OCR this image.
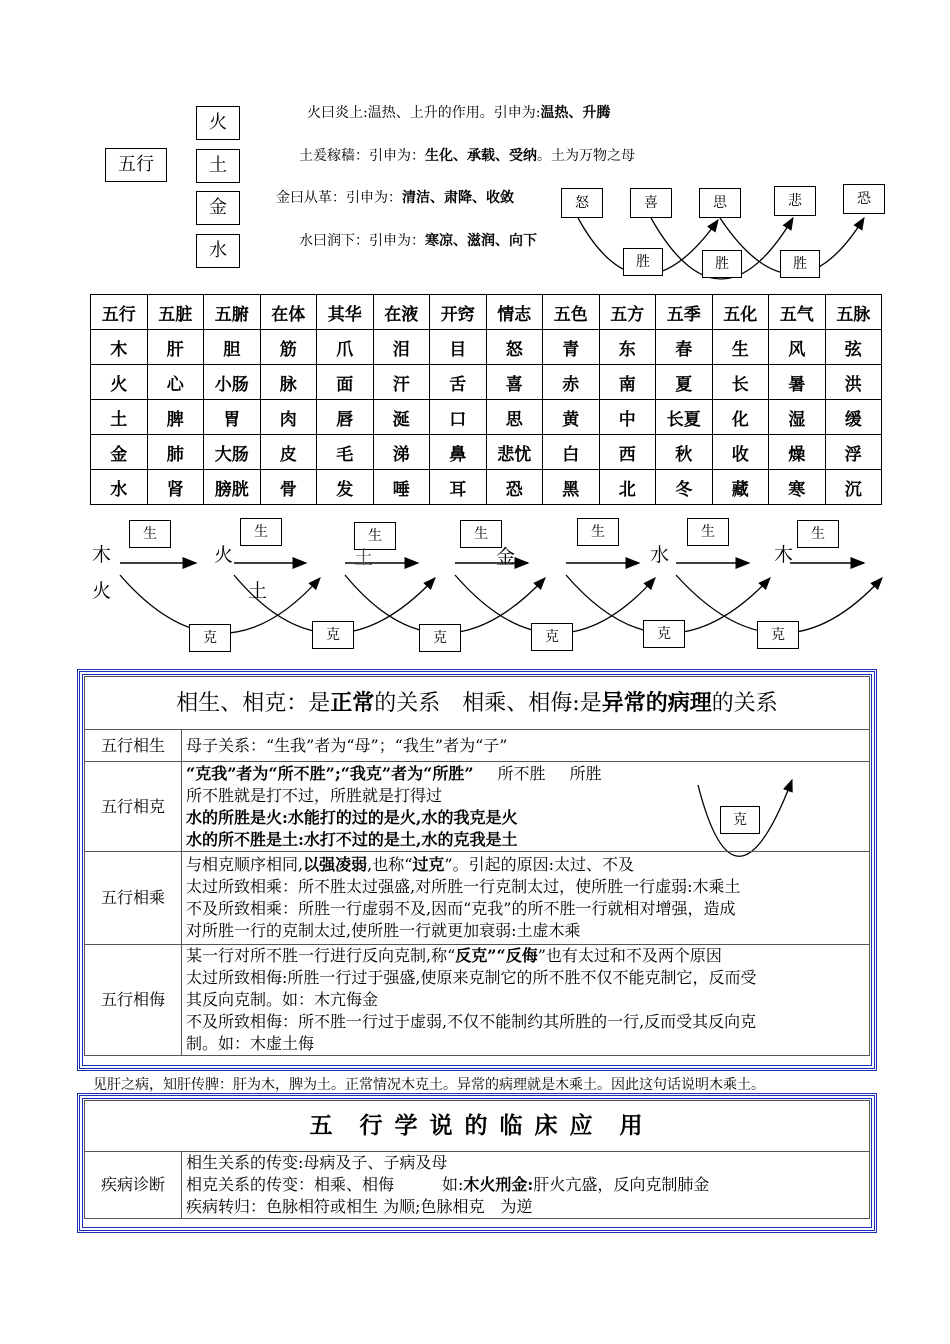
五行
火
土
金
水
火曰炎上:温热、上升的作用。引申为:温热、升腾
土爰稼穑：引申为：生化、承载、受纳。土为万物之母
金曰从革：引申为：清洁、肃降、收敛
水曰润下：引申为：寒凉、滋润、向下
怒	喜	思	悲	恐
胜	胜	胜
五行	五脏	五腑	在体	其华	在液	开窍	情志	五色	五方	五季	五化	五气	五脉
木	肝	胆	筋	爪	泪	目	怒	青	东	春	生	风	弦
火	心	小肠	脉	面	汗	舌	喜	赤	南	夏	长	暑	洪
土	脾	胃	肉	唇	涎	口	思	黄	中	长夏	化	湿	缓
金	肺	大肠	皮	毛	涕	鼻	悲忧	白	西	秋	收	燥	浮
水	肾	膀胱	骨	发	唾	耳	恐	黑	北	冬	藏	寒	沉
生	生	生	生	生	生	生
木	火	土	金	水	木
火	土
克	克	克	克	克	克
相生、相克：是正常的关系  相乘、相侮:是异常的病理的关系	
五行相生	母子关系：“生我”者为“母”；“我生”者为“子”
五行相克	“克我”者为“所不胜”;“我克”者为“所胜”   所不胜   所胜
所不胜就是打不过，所胜就是打得过
水的所胜是火:水能打的过的是火,水的我克是火
水的所不胜是土:水打不过的是土,水的克我是土

五行相乘	与相克顺序相同,以强凌弱,也称“过克”。引起的原因:太过、不及
太过所致相乘：所不胜太过强盛,对所胜一行克制太过，使所胜一行虚弱:木乘土
不及所致相乘：所胜一行虚弱不及,因而“克我”的所不胜一行就相对增强，造成
对所胜一行的克制太过,使所胜一行就更加衰弱:土虚木乘

五行相侮	某一行对所不胜一行进行反向克制,称“反克”“反侮”也有太过和不及两个原因
太过所致相侮:所胜一行过于强盛,使原来克制它的所不胜不仅不能克制它，反而受
其反向克制。如：木亢侮金
不及所致相侮：所不胜一行过于虚弱,不仅不能制约其所胜的一行,反而受其反向克
制。如：木虚土侮
克
见肝之病，知肝传脾：肝为木，脾为土。正常情况木克土。异常的病理就是木乘土。因此这句话说明木乘土。
五　行 学 说 的 临 床 应　用
疾病诊断	
相生关系的传变:母病及子、子病及母
相克关系的传变：相乘、相侮   	如:木火刑金:肝火亢盛，反向克制肺金
疾病转归：色脉相符或相生 为顺;色脉相克　为逆
